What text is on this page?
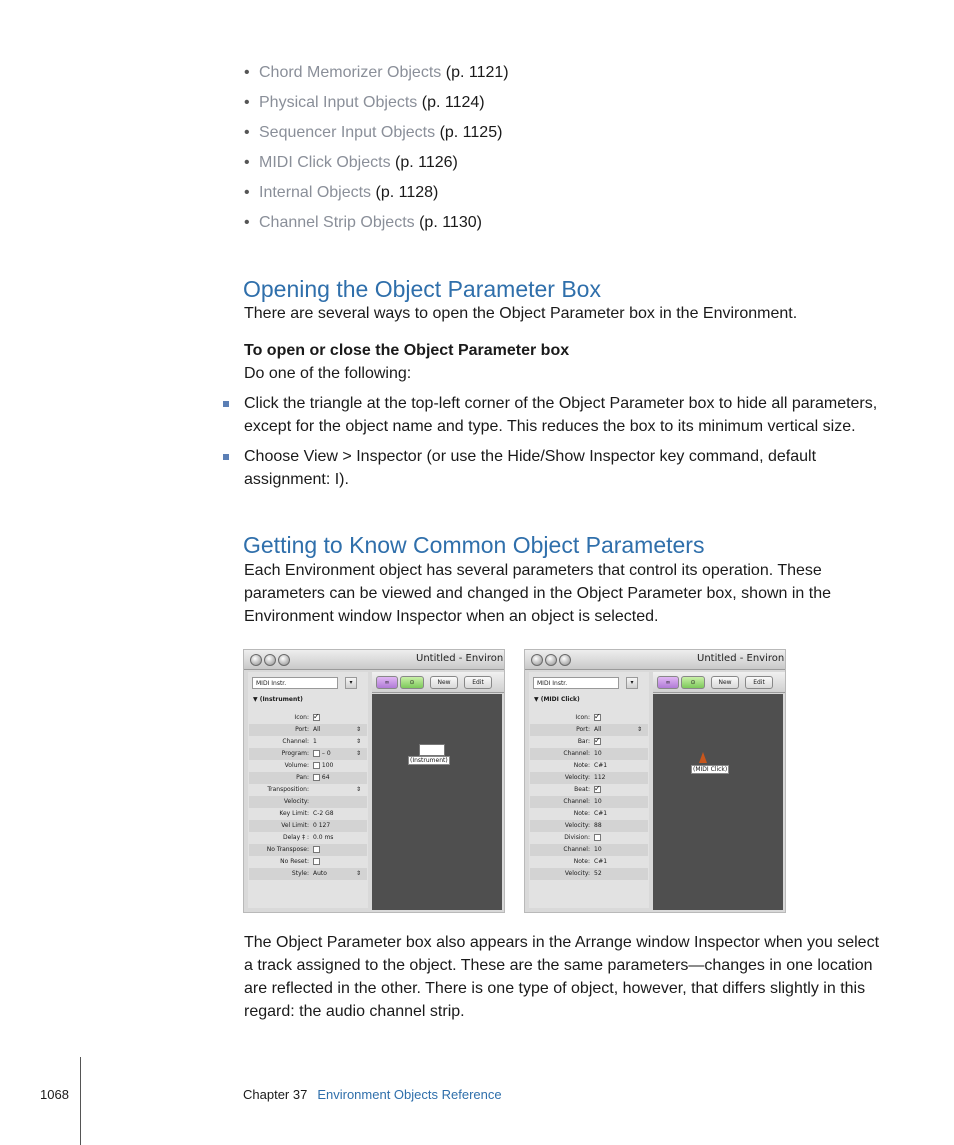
• Chord Memorizer Objects (p. 1121)
• Physical Input Objects (p. 1124)
• Sequencer Input Objects (p. 1125)
• MIDI Click Objects (p. 1126)
• Internal Objects (p. 1128)
• Channel Strip Objects (p. 1130)
Opening the Object Parameter Box
There are several ways to open the Object Parameter box in the Environment.
To open or close the Object Parameter box
Do one of the following:
Click the triangle at the top-left corner of the Object Parameter box to hide all parameters, except for the object name and type. This reduces the box to its minimum vertical size.
Choose View > Inspector (or use the Hide/Show Inspector key command, default assignment: I).
Getting to Know Common Object Parameters
Each Environment object has several parameters that control its operation. These parameters can be viewed and changed in the Object Parameter box, shown in the Environment window Inspector when an object is selected.
Untitled - Environ
MIDI Instr.	▾
▼ (Instrument)
Icon:
✓
Port: All	⇕
Channel: 1	⇕
Program:	– 0	⇕
Volume:	100
Pan:	64
Transposition:	⇕
Velocity:
Key Limit: C-2 G8
Vel Limit: 0 127
Delay ‡ : 0.0 ms
No Transpose:
No Reset:
Style: Auto	⇕
∞	⊙	New	Edit
(Instrument)
Untitled - Environ
MIDI Instr.	▾
▼ (MIDI Click)
Icon:
✓
Port: All	⇕
Bar:
✓
Channel: 10
Note: C#1
Velocity: 112
Beat:
✓
Channel: 10
Note: C#1
Velocity: 88
Division:
Channel: 10
Note: C#1
Velocity: 52
∞	⊙	New	Edit
(MIDI Click)
The Object Parameter box also appears in the Arrange window Inspector when you select a track assigned to the object. These are the same parameters—changes in one location are reflected in the other. There is one type of object, however, that differs slightly in this regard: the audio channel strip.
1068	Chapter 37 Environment Objects Reference
